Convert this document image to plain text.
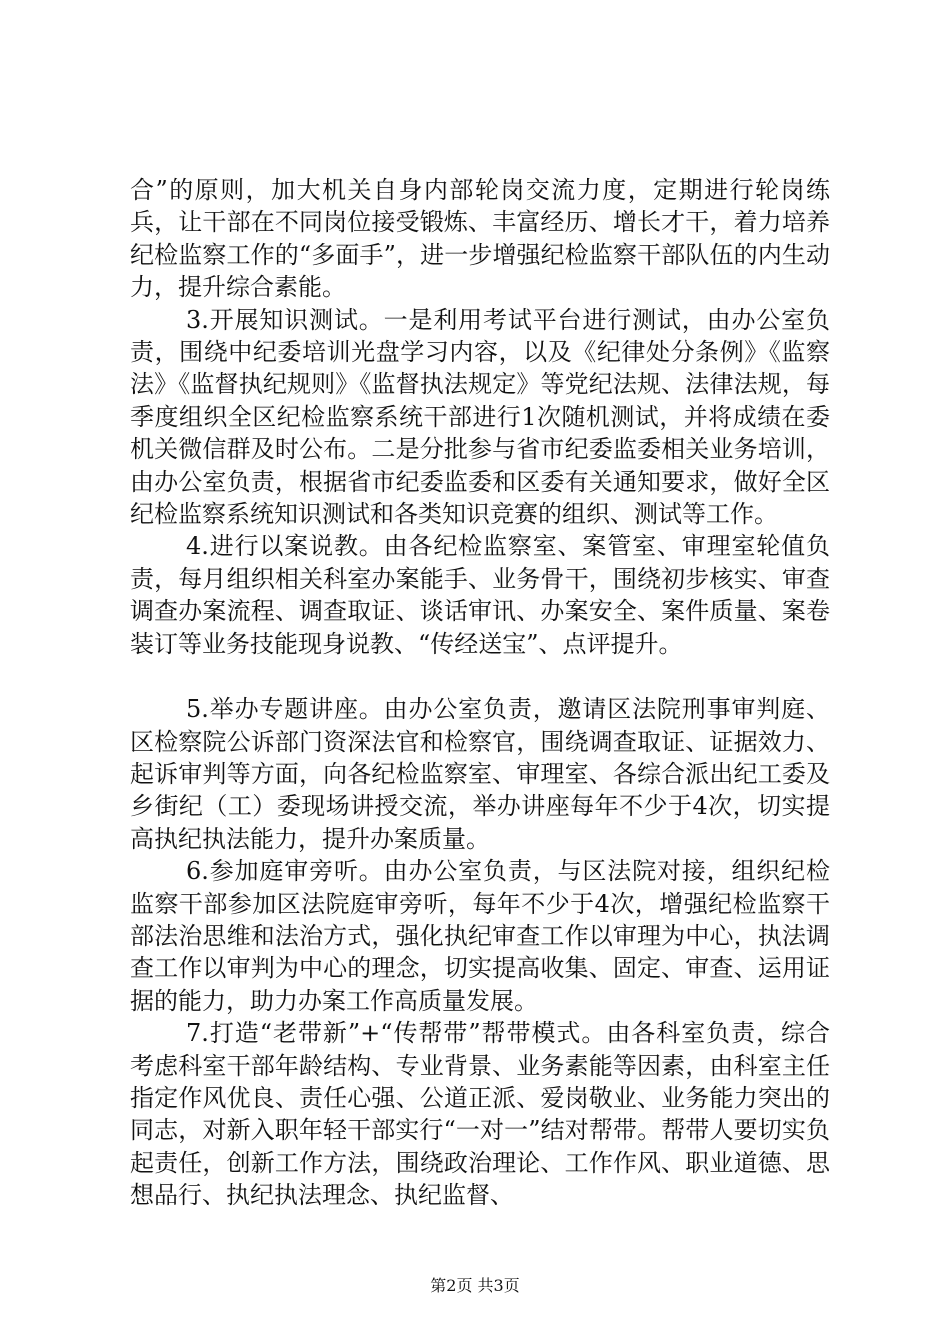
合”的原则，加大机关自身内部轮岗交流力度，定期进行轮岗练兵，让干部在不同岗位接受锻炼、丰富经历、增长才干，着力培养纪检监察工作的“多面手”，进一步增强纪检监察干部队伍的内生动力，提升综合素能。

3.开展知识测试。一是利用考试平台进行测试，由办公室负责，围绕中纪委培训光盘学习内容，以及《纪律处分条例》《监察法》《监督执纪规则》《监督执法规定》等党纪法规、法律法规，每季度组织全区纪检监察系统干部进行1次随机测试，并将成绩在委机关微信群及时公布。二是分批参与省市纪委监委相关业务培训，由办公室负责，根据省市纪委监委和区委有关通知要求，做好全区纪检监察系统知识测试和各类知识竞赛的组织、测试等工作。

4.进行以案说教。由各纪检监察室、案管室、审理室轮值负责，每月组织相关科室办案能手、业务骨干，围绕初步核实、审查调查办案流程、调查取证、谈话审讯、办案安全、案件质量、案卷装订等业务技能现身说教、“传经送宝”、点评提升。

5.举办专题讲座。由办公室负责，邀请区法院刑事审判庭、区检察院公诉部门资深法官和检察官，围绕调查取证、证据效力、起诉审判等方面，向各纪检监察室、审理室、各综合派出纪工委及乡街纪（工）委现场讲授交流，举办讲座每年不少于4次，切实提高执纪执法能力，提升办案质量。

6.参加庭审旁听。由办公室负责，与区法院对接，组织纪检监察干部参加区法院庭审旁听，每年不少于4次，增强纪检监察干部法治思维和法治方式，强化执纪审查工作以审理为中心，执法调查工作以审判为中心的理念，切实提高收集、固定、审查、运用证据的能力，助力办案工作高质量发展。

7.打造“老带新”+“传帮带”帮带模式。由各科室负责，综合考虑科室干部年龄结构、专业背景、业务素能等因素，由科室主任指定作风优良、责任心强、公道正派、爱岗敬业、业务能力突出的同志，对新入职年轻干部实行“一对一”结对帮带。帮带人要切实负起责任，创新工作方法，围绕政治理论、工作作风、职业道德、思想品行、执纪执法理念、执纪监督、

第2页 共3页
